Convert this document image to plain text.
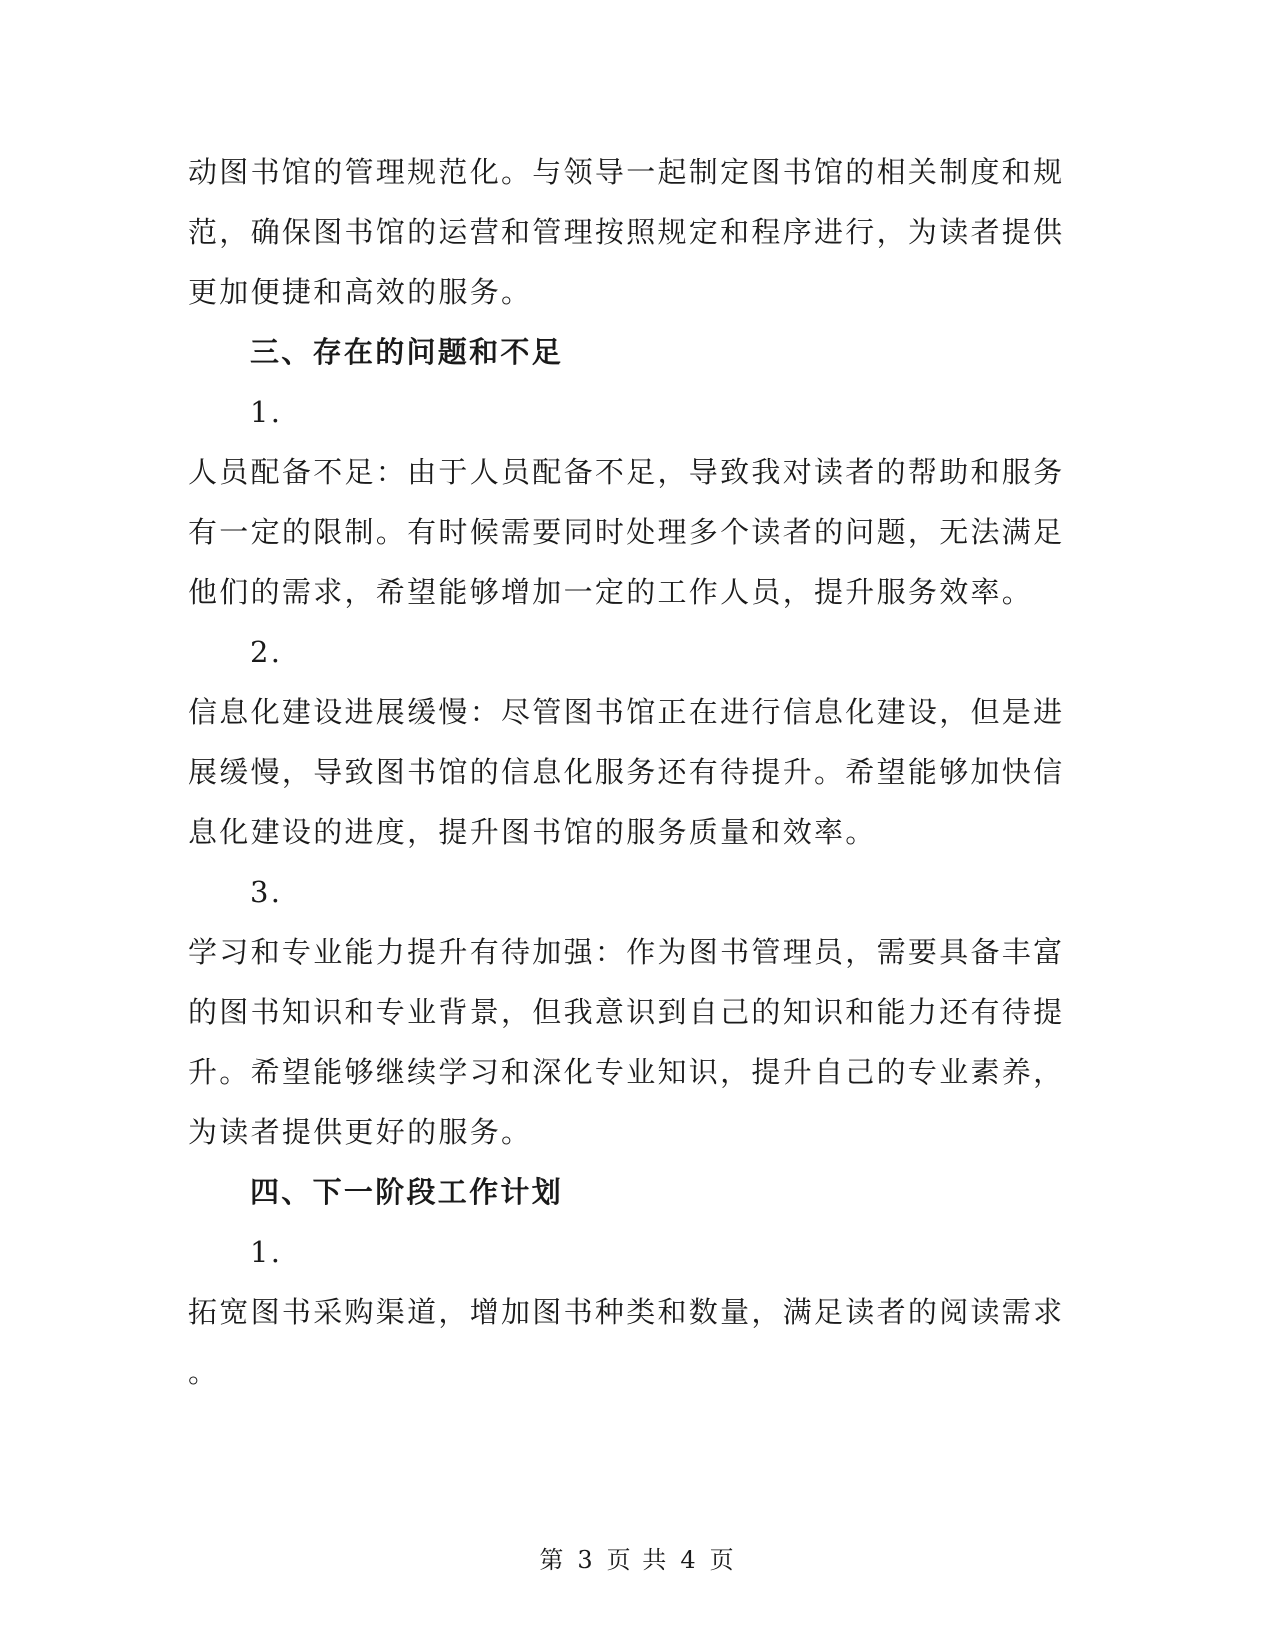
动图书馆的管理规范化。与领导一起制定图书馆的相关制度和规
范，确保图书馆的运营和管理按照规定和程序进行，为读者提供
更加便捷和高效的服务。
三、存在的问题和不足
1.
人员配备不足：由于人员配备不足，导致我对读者的帮助和服务
有一定的限制。有时候需要同时处理多个读者的问题，无法满足
他们的需求，希望能够增加一定的工作人员，提升服务效率。
2.
信息化建设进展缓慢：尽管图书馆正在进行信息化建设，但是进
展缓慢，导致图书馆的信息化服务还有待提升。希望能够加快信
息化建设的进度，提升图书馆的服务质量和效率。
3.
学习和专业能力提升有待加强：作为图书管理员，需要具备丰富
的图书知识和专业背景，但我意识到自己的知识和能力还有待提
升。希望能够继续学习和深化专业知识，提升自己的专业素养，
为读者提供更好的服务。
四、下一阶段工作计划
1.
拓宽图书采购渠道，增加图书种类和数量，满足读者的阅读需求
。
第 3 页 共 4 页
